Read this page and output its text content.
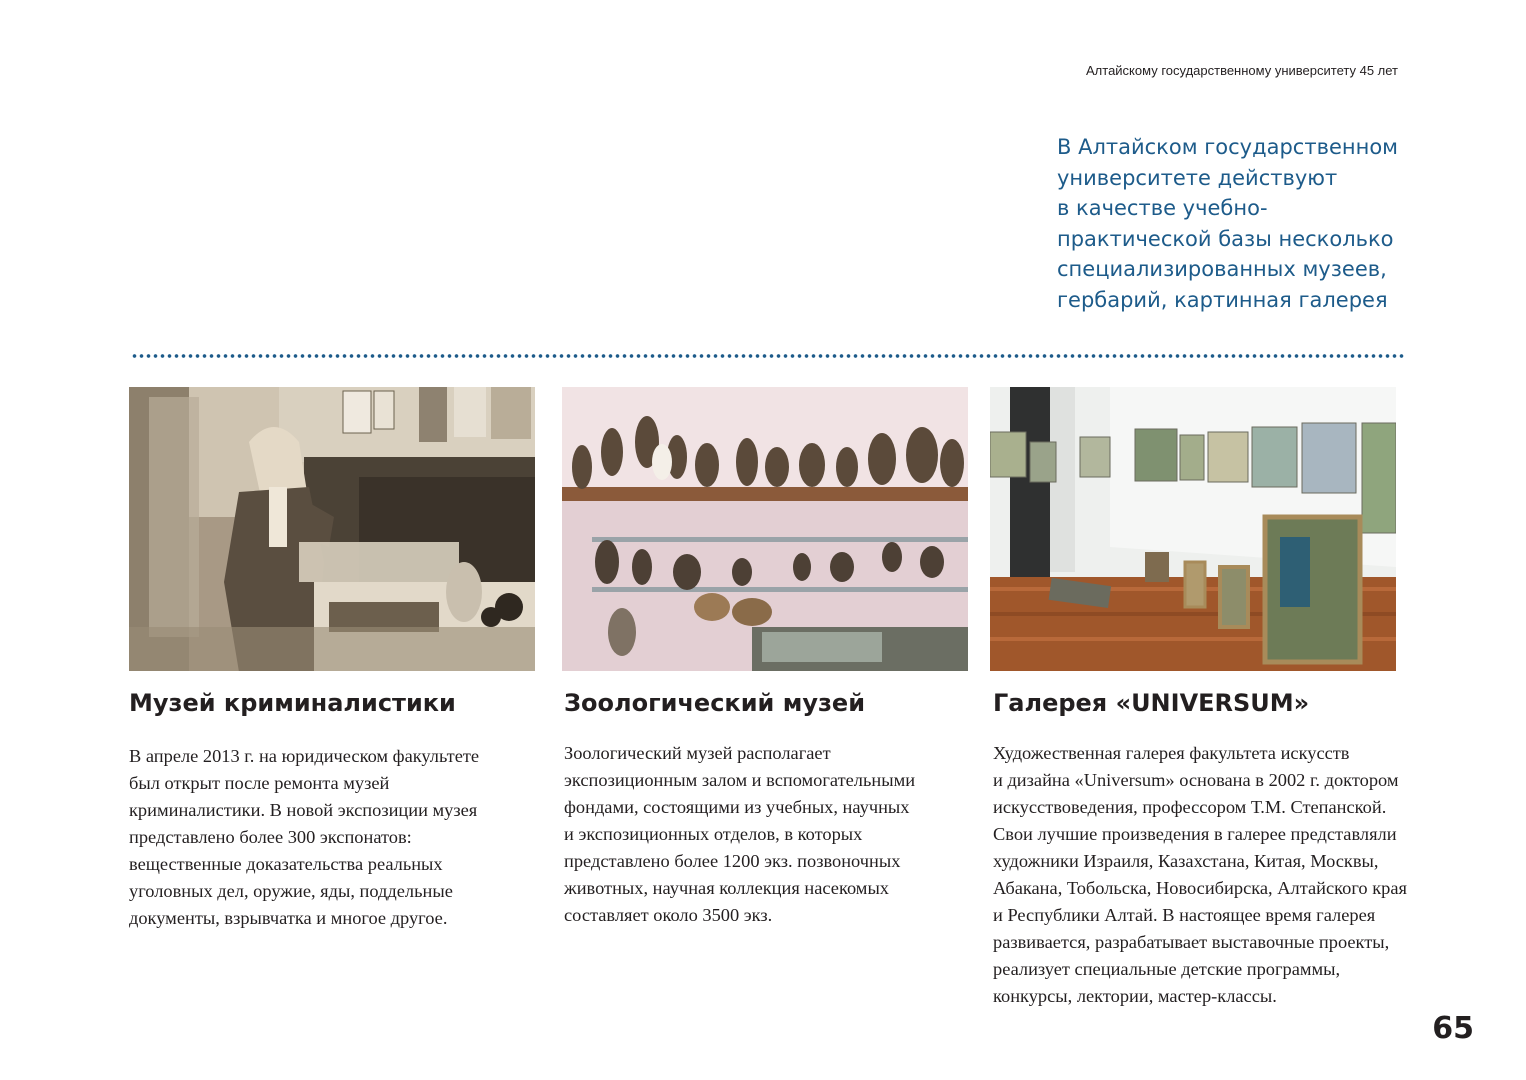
Алтайскому государственному университету 45 лет

В Алтайском государственном
университете действуют
в качестве учебно-
практической базы несколько
специализированных музеев,
гербарий, картинная галерея

Музей криминалистики

В апреле 2013 г. на юридическом факультете
был открыт после ремонта музей
криминалистики. В новой экспозиции музея
представлено более 300 экспонатов:
вещественные доказательства реальных
уголовных дел, оружие, яды, поддельные
документы, взрывчатка и многое другое.

Зоологический музей

Зоологический музей располагает
экспозиционным залом и вспомогательными
фондами, состоящими из учебных, научных
и экспозиционных отделов, в которых
представлено более 1200 экз. позвоночных
животных, научная коллекция насекомых
составляет около 3500 экз.

Галерея «UNIVERSUM»

Художественная галерея факультета искусств
и дизайна «Universum» основана в 2002 г. доктором
искусствоведения, профессором Т.М. Степанской.
Свои лучшие произведения в галерее представляли
художники Израиля, Казахстана, Китая, Москвы,
Абакана, Тобольска, Новосибирска, Алтайского края
и Республики Алтай. В настоящее время галерея
развивается, разрабатывает выставочные проекты,
реализует специальные детские программы,
конкурсы, лектории, мастер-классы.

65
